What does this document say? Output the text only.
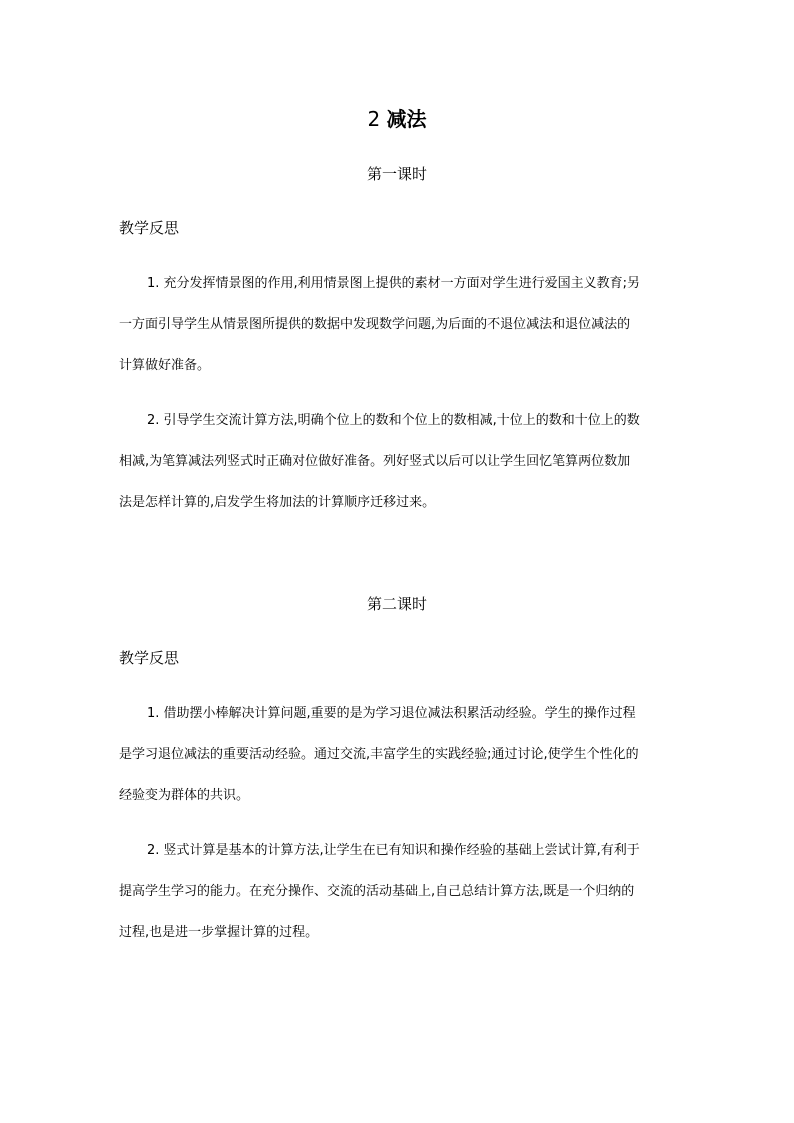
2 减法
第一课时
教学反思
1. 充分发挥情景图的作用,利用情景图上提供的素材一方面对学生进行爱国主义教育;另
一方面引导学生从情景图所提供的数据中发现数学问题,为后面的不退位减法和退位减法的
计算做好准备。
2. 引导学生交流计算方法,明确个位上的数和个位上的数相减,十位上的数和十位上的数
相减,为笔算减法列竖式时正确对位做好准备。列好竖式以后可以让学生回忆笔算两位数加
法是怎样计算的,启发学生将加法的计算顺序迁移过来。
第二课时
教学反思
1. 借助摆小棒解决计算问题,重要的是为学习退位减法积累活动经验。学生的操作过程
是学习退位减法的重要活动经验。通过交流,丰富学生的实践经验;通过讨论,使学生个性化的
经验变为群体的共识。
2. 竖式计算是基本的计算方法,让学生在已有知识和操作经验的基础上尝试计算,有利于
提高学生学习的能力。在充分操作、交流的活动基础上,自己总结计算方法,既是一个归纳的
过程,也是进一步掌握计算的过程。
